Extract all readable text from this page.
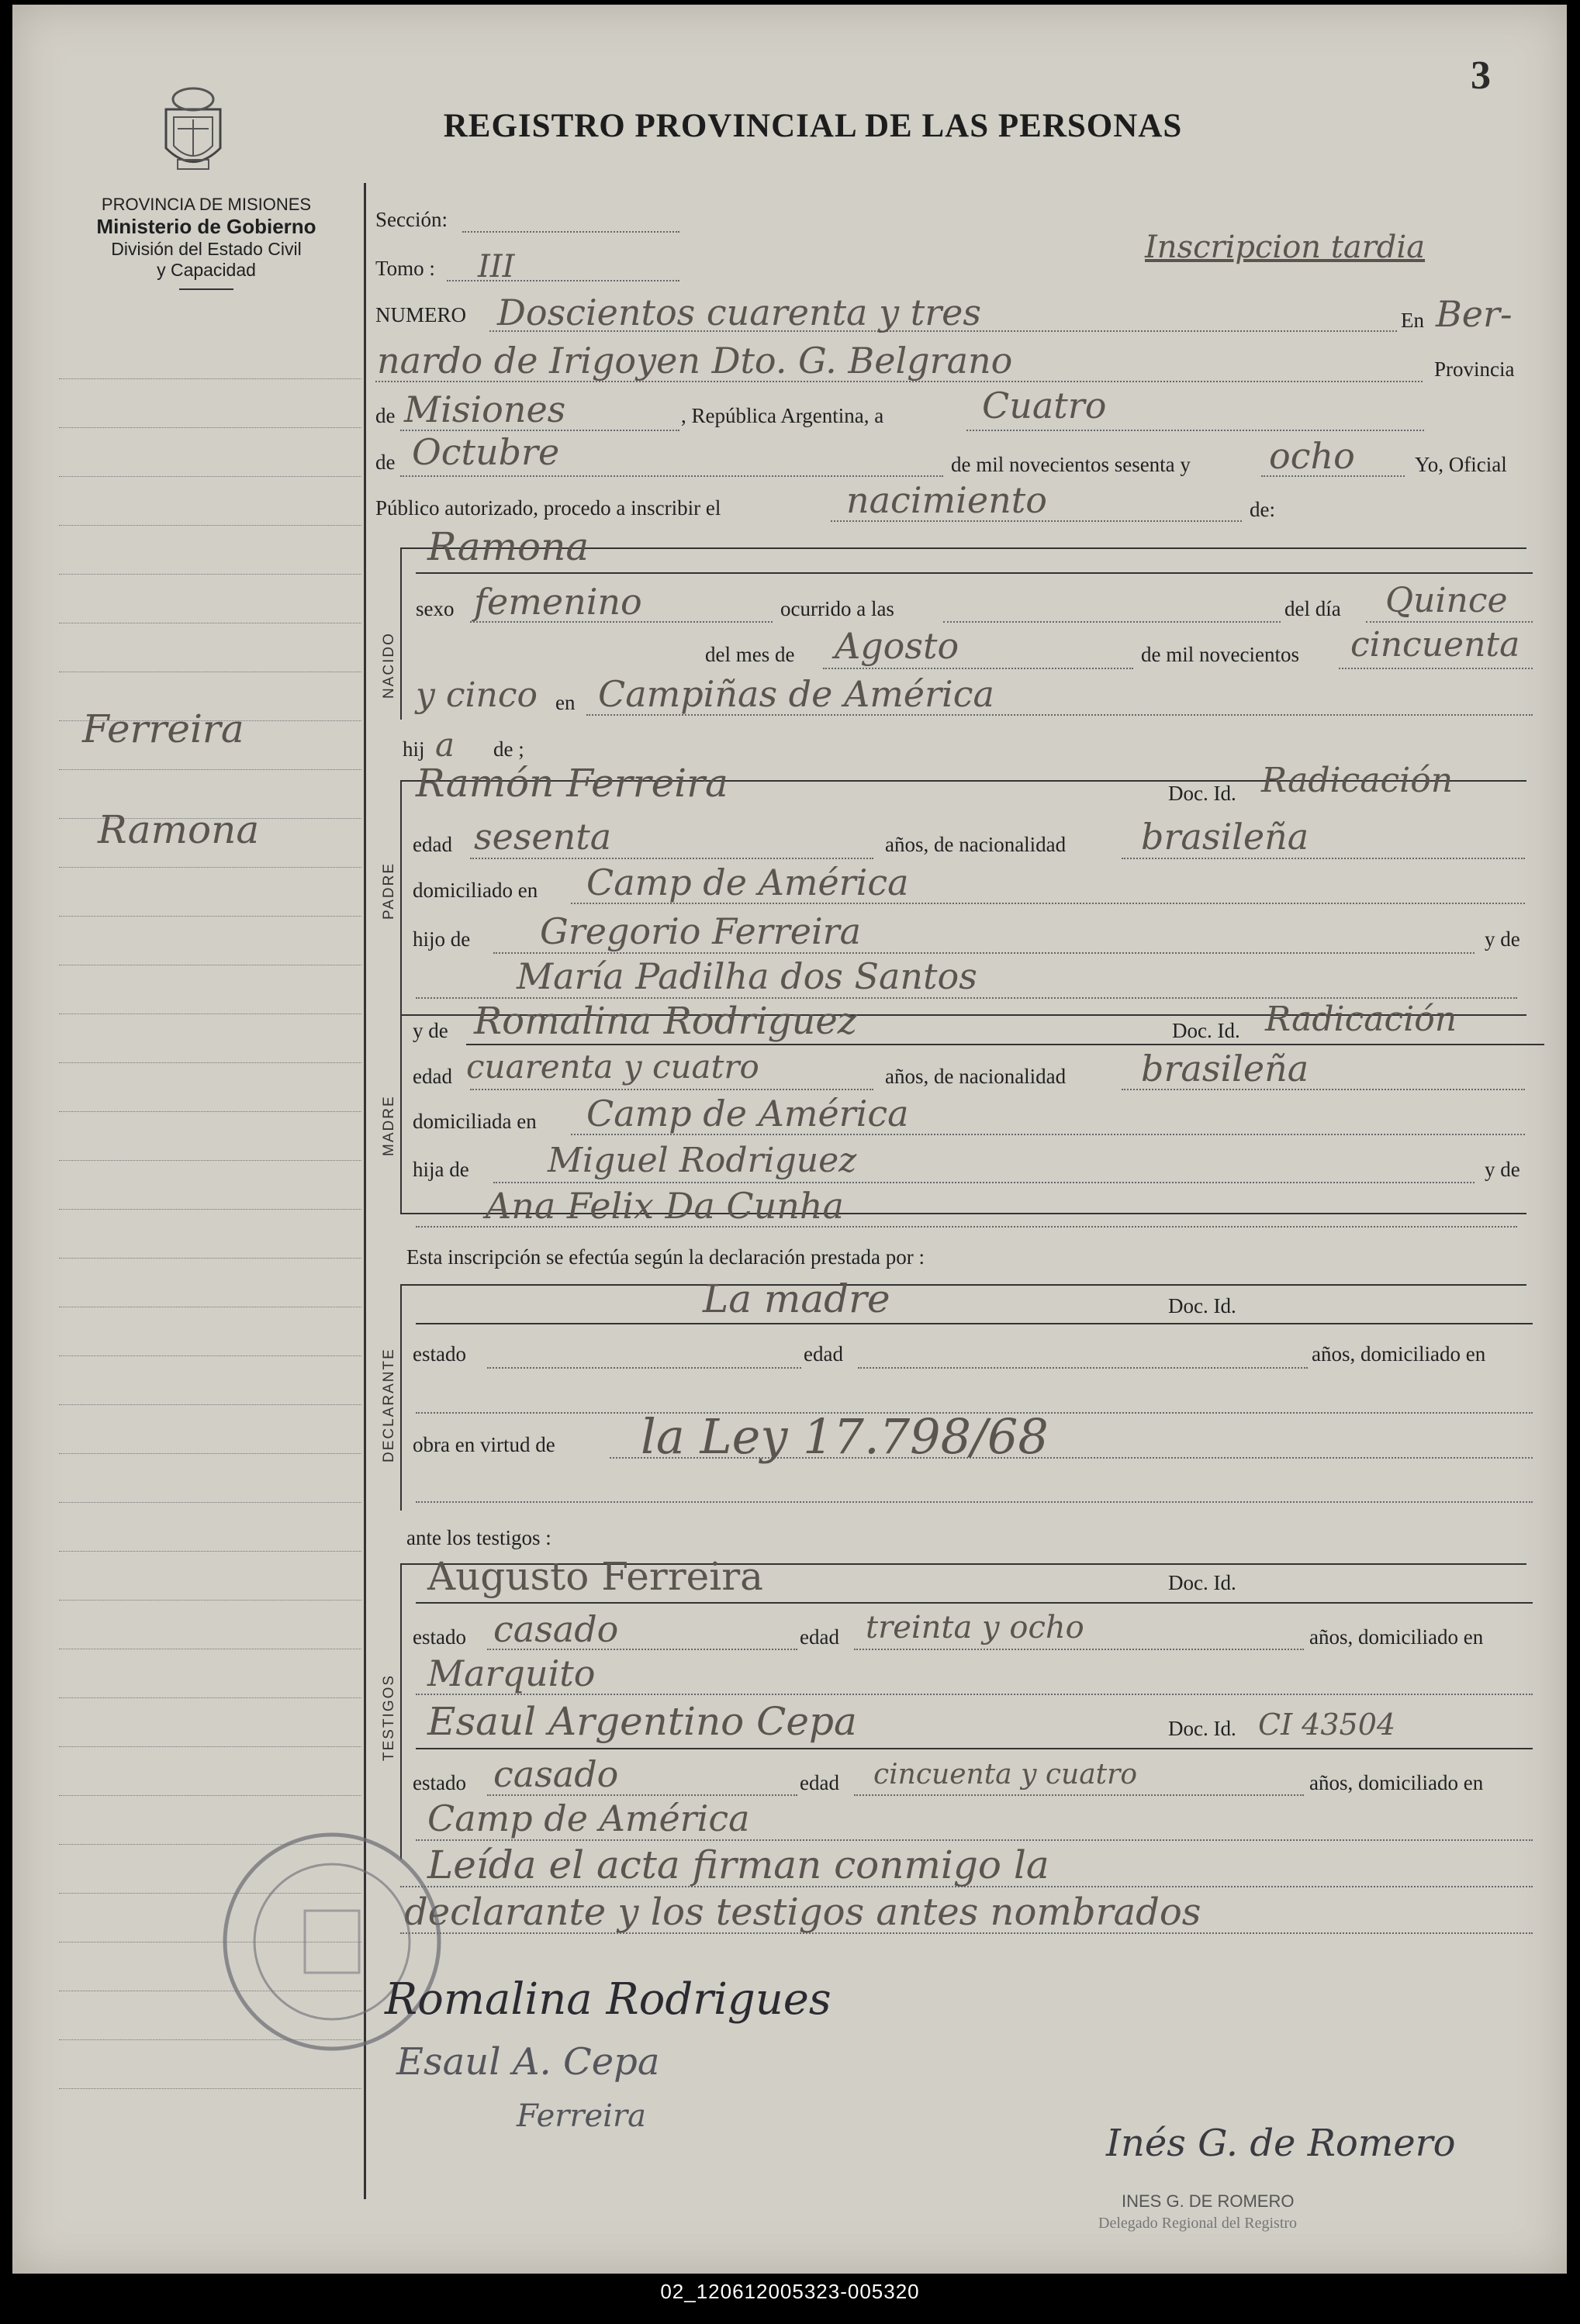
3
REGISTRO PROVINCIAL DE LAS PERSONAS
PROVINCIA DE MISIONES
Ministerio de Gobierno
División del Estado Civil
y Capacidad
Ferreira
Ramona
Inscripcion tardia
Sección:
Tomo : III
NUMERO Doscientos cuarenta y tres	En Ber-
nardo de Irigoyen Dto. G. Belgrano	Provincia
de Misiones	, República Argentina, a	Cuatro
de Octubre	de mil novecientos sesenta y ocho	Yo, Oficial
Público autorizado, procedo a inscribir el	nacimiento	de:
NACIDO
Ramona
sexo femenino	ocurrido a las	del día Quince
del mes de Agosto	de mil novecientos cincuenta
y cinco en Campiñas de América
hij a de ;
PADRE
Ramón Ferreira	Doc. Id. Radicación
edad sesenta	años, de nacionalidad brasileña
domiciliado en Camp de América
hijo de Gregorio Ferreira	y de
María Padilha dos Santos
MADRE
y de Romalina Rodriguez	Doc. Id. Radicación
edad cuarenta y cuatro	años, de nacionalidad brasileña
domiciliada en Camp de América
hija de Miguel Rodriguez	y de
Ana Felix Da Cunha
Esta inscripción se efectúa según la declaración prestada por :
DECLARANTE
La madre	Doc. Id.
estado	edad	años, domiciliado en
obra en virtud de la Ley 17.798/68
ante los testigos :
TESTIGOS
Augusto Ferreira	Doc. Id.
estado casado	edad treinta y ocho	años, domiciliado en
Marquito
Esaul Argentino Cepa	Doc. Id. CI 43504
estado casado	edad cincuenta y cuatro	años, domiciliado en
Camp de América
Leída el acta firman conmigo la
declarante y los testigos antes nombrados
Romalina Rodrigues
Esaul A. Cepa
Ferreira
Inés G. de Romero
INES G. DE ROMERO
Delegado Regional del Registro
02_120612005323-005320
